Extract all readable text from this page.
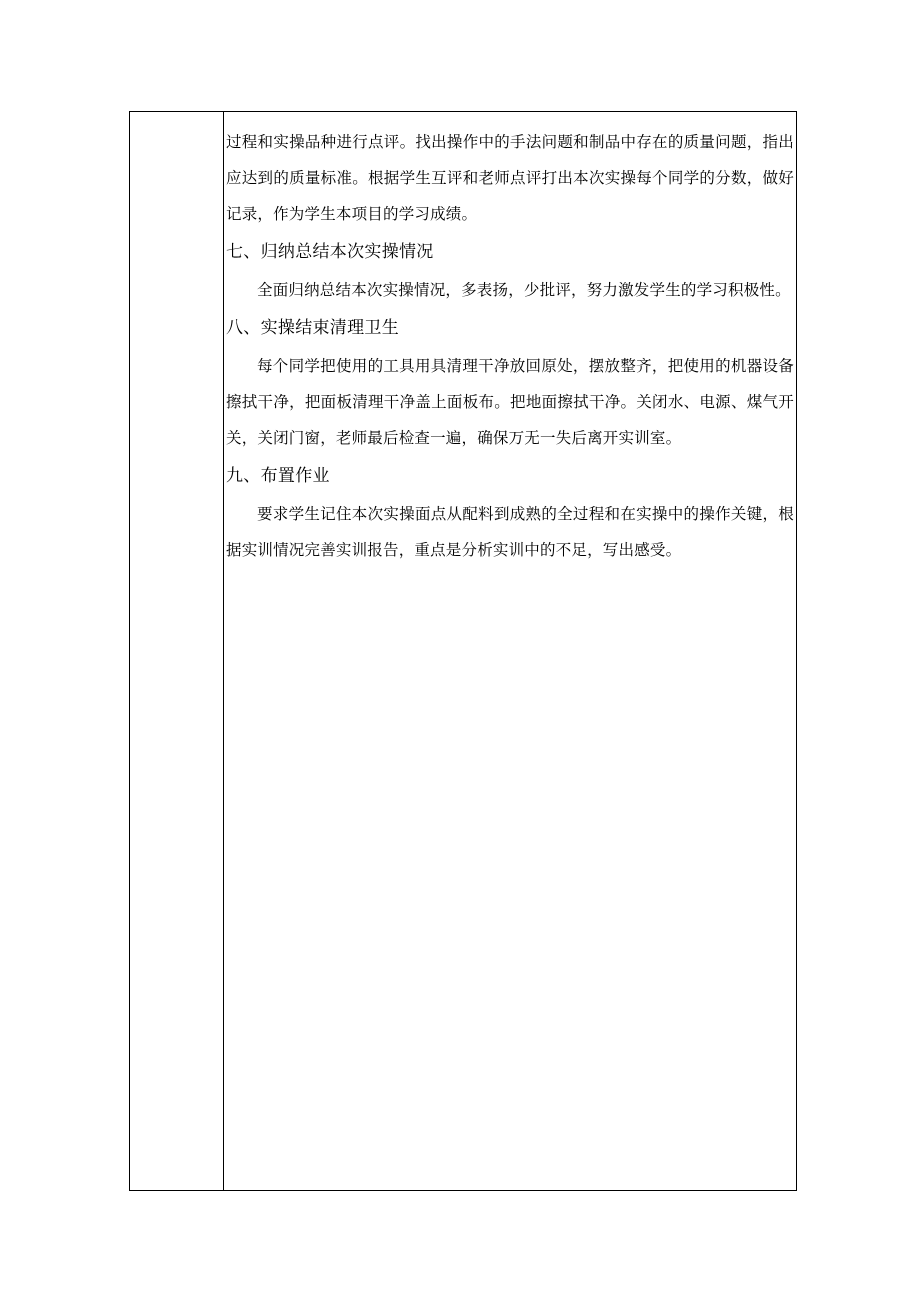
过程和实操品种进行点评。找出操作中的手法问题和制品中存在的质量问题，指出应达到的质量标准。根据学生互评和老师点评打出本次实操每个同学的分数，做好记录，作为学生本项目的学习成绩。

七、归纳总结本次实操情况

全面归纳总结本次实操情况，多表扬，少批评，努力激发学生的学习积极性。

八、实操结束清理卫生

每个同学把使用的工具用具清理干净放回原处，摆放整齐，把使用的机器设备擦拭干净，把面板清理干净盖上面板布。把地面擦拭干净。关闭水、电源、煤气开关，关闭门窗，老师最后检查一遍，确保万无一失后离开实训室。

九、布置作业

要求学生记住本次实操面点从配料到成熟的全过程和在实操中的操作关键，根据实训情况完善实训报告，重点是分析实训中的不足，写出感受。
